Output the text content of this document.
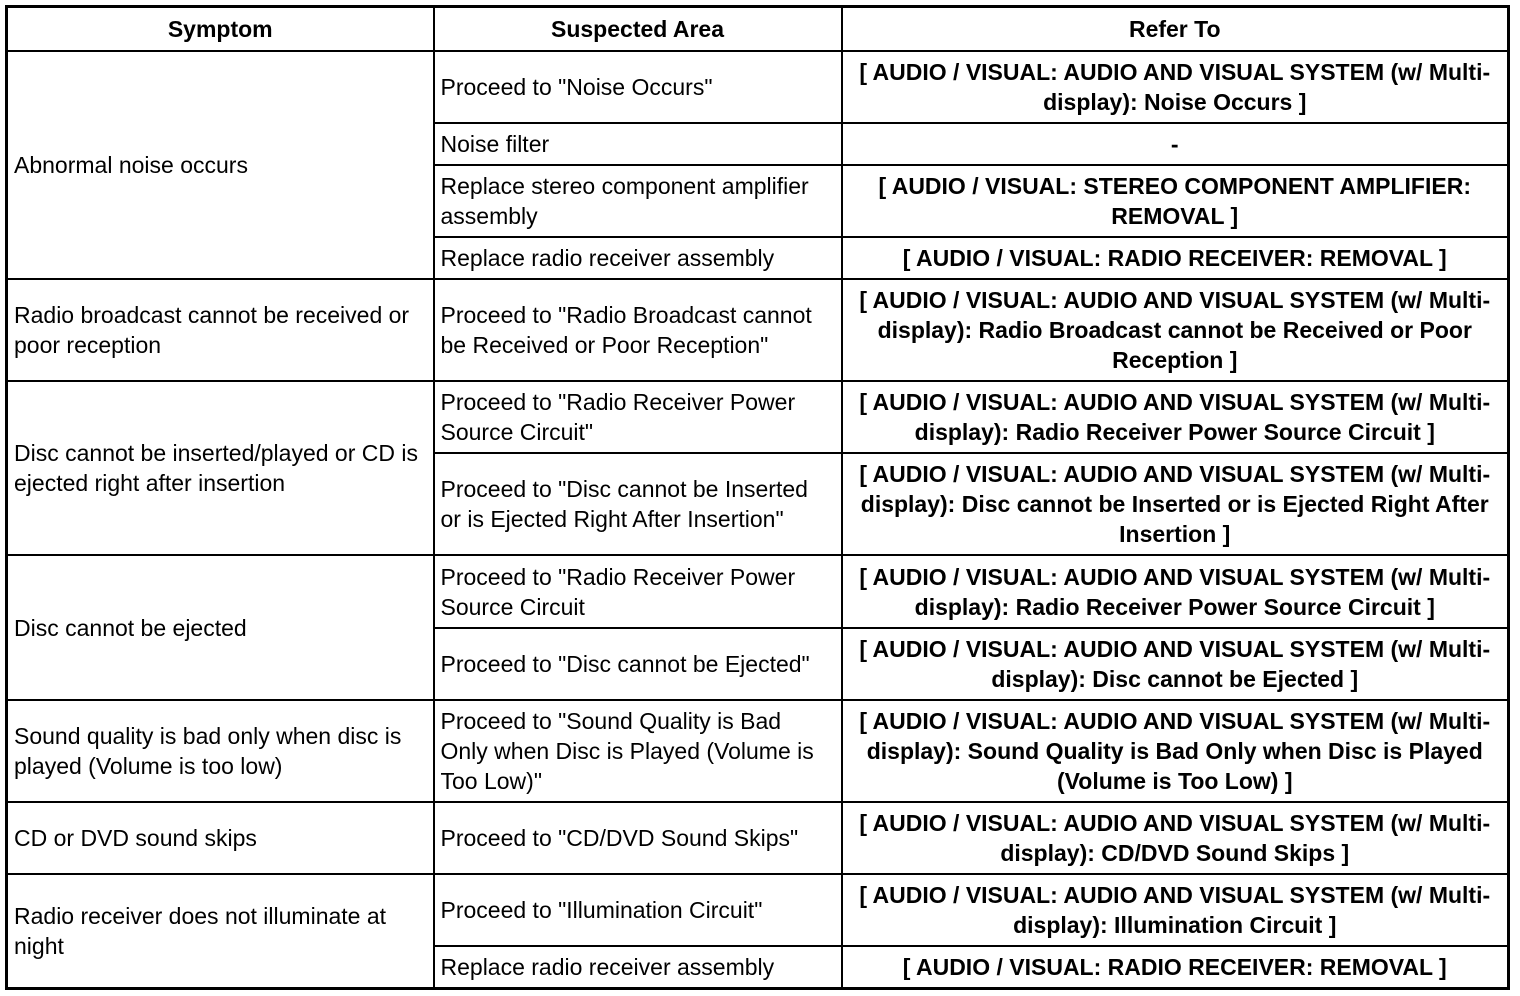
Symptom	Suspected Area	Refer To
Abnormal noise occurs	Proceed to "Noise Occurs"	[ AUDIO / VISUAL: AUDIO AND VISUAL SYSTEM (w/ Multi-display): Noise Occurs ]
	Noise filter	-
	Replace stereo component amplifier assembly	[ AUDIO / VISUAL: STEREO COMPONENT AMPLIFIER: REMOVAL ]
	Replace radio receiver assembly	[ AUDIO / VISUAL: RADIO RECEIVER: REMOVAL ]
Radio broadcast cannot be received or poor reception	Proceed to "Radio Broadcast cannot be Received or Poor Reception"	[ AUDIO / VISUAL: AUDIO AND VISUAL SYSTEM (w/ Multi-display): Radio Broadcast cannot be Received or Poor Reception ]
Disc cannot be inserted/played or CD is ejected right after insertion	Proceed to "Radio Receiver Power Source Circuit"	[ AUDIO / VISUAL: AUDIO AND VISUAL SYSTEM (w/ Multi-display): Radio Receiver Power Source Circuit ]
	Proceed to "Disc cannot be Inserted or is Ejected Right After Insertion"	[ AUDIO / VISUAL: AUDIO AND VISUAL SYSTEM (w/ Multi-display): Disc cannot be Inserted or is Ejected Right After Insertion ]
Disc cannot be ejected	Proceed to "Radio Receiver Power Source Circuit	[ AUDIO / VISUAL: AUDIO AND VISUAL SYSTEM (w/ Multi-display): Radio Receiver Power Source Circuit ]
	Proceed to "Disc cannot be Ejected"	[ AUDIO / VISUAL: AUDIO AND VISUAL SYSTEM (w/ Multi-display): Disc cannot be Ejected ]
Sound quality is bad only when disc is played (Volume is too low)	Proceed to "Sound Quality is Bad Only when Disc is Played (Volume is Too Low)"	[ AUDIO / VISUAL: AUDIO AND VISUAL SYSTEM (w/ Multi-display): Sound Quality is Bad Only when Disc is Played (Volume is Too Low) ]
CD or DVD sound skips	Proceed to "CD/DVD Sound Skips"	[ AUDIO / VISUAL: AUDIO AND VISUAL SYSTEM (w/ Multi-display): CD/DVD Sound Skips ]
Radio receiver does not illuminate at night	Proceed to "Illumination Circuit"	[ AUDIO / VISUAL: AUDIO AND VISUAL SYSTEM (w/ Multi-display): Illumination Circuit ]
	Replace radio receiver assembly	[ AUDIO / VISUAL: RADIO RECEIVER: REMOVAL ]
